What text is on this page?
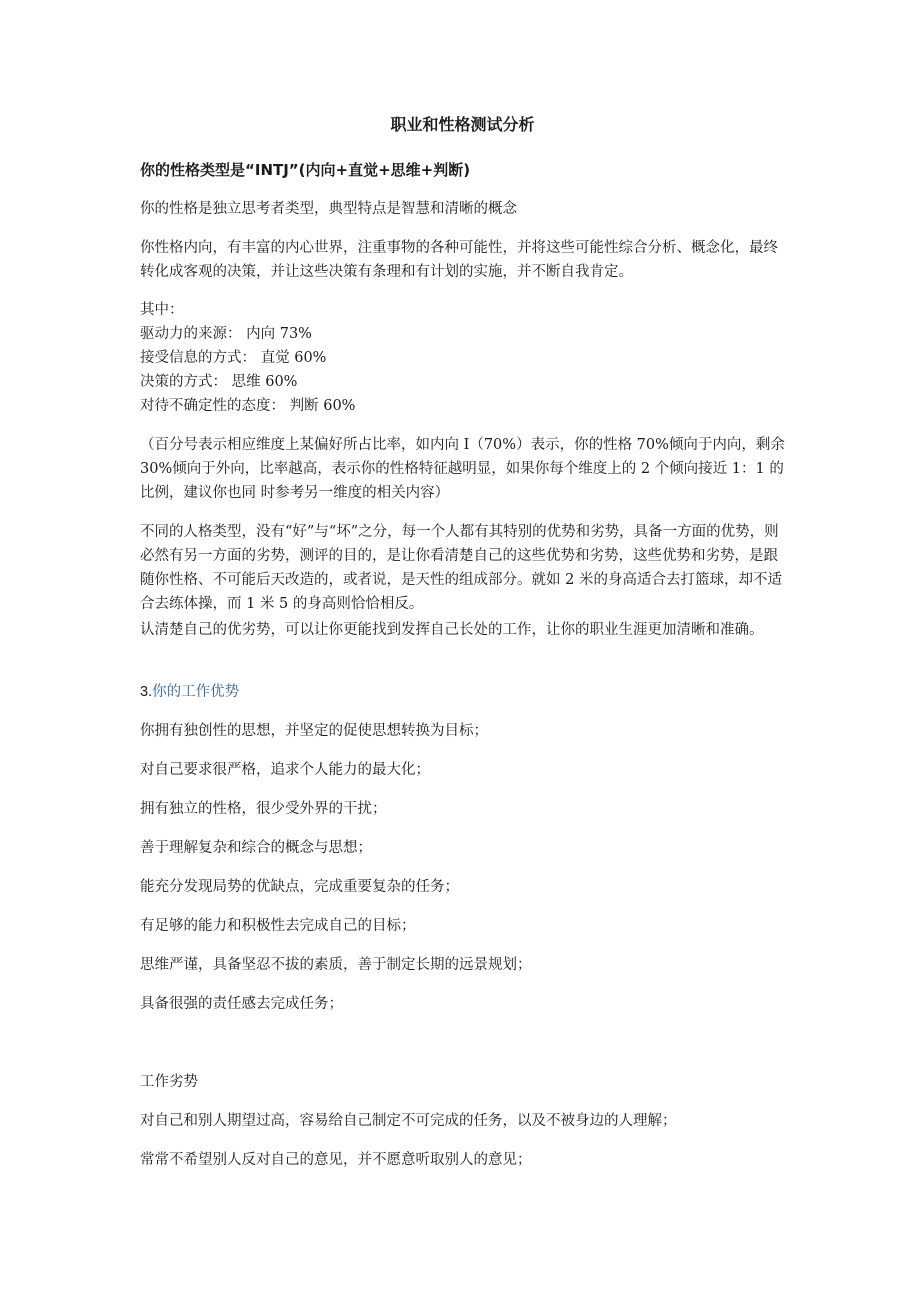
职业和性格测试分析

你的性格类型是“INTJ”(内向+直觉+思维+判断)

你的性格是独立思考者类型，典型特点是智慧和清晰的概念

你性格内向，有丰富的内心世界，注重事物的各种可能性，并将这些可能性综合分析、概念化，最终转化成客观的决策，并让这些决策有条理和有计划的实施，并不断自我肯定。

其中：

驱动力的来源： 内向 73%

接受信息的方式： 直觉 60%

决策的方式： 思维 60%

对待不确定性的态度： 判断 60%

（百分号表示相应维度上某偏好所占比率，如内向 I（70%）表示，你的性格 70%倾向于内向，剩余 30%倾向于外向，比率越高，表示你的性格特征越明显，如果你每个维度上的 2 个倾向接近 1：1 的比例，建议你也同 时参考另一维度的相关内容）

不同的人格类型，没有“好”与“坏”之分，每一个人都有其特别的优势和劣势，具备一方面的优势，则必然有另一方面的劣势，测评的目的，是让你看清楚自己的这些优势和劣势，这些优势和劣势，是跟随你性格、不可能后天改造的，或者说，是天性的组成部分。就如 2 米的身高适合去打篮球，却不适合去练体操，而 1 米 5 的身高则恰恰相反。

认清楚自己的优劣势，可以让你更能找到发挥自己长处的工作，让你的职业生涯更加清晰和准确。

3.你的工作优势

你拥有独创性的思想，并坚定的促使思想转换为目标；

对自己要求很严格，追求个人能力的最大化；

拥有独立的性格，很少受外界的干扰；

善于理解复杂和综合的概念与思想；

能充分发现局势的优缺点，完成重要复杂的任务；

有足够的能力和积极性去完成自己的目标；

思维严谨，具备坚忍不拔的素质，善于制定长期的远景规划；

具备很强的责任感去完成任务；

工作劣势

对自己和别人期望过高，容易给自己制定不可完成的任务，以及不被身边的人理解；

常常不希望别人反对自己的意见，并不愿意听取别人的意见；
